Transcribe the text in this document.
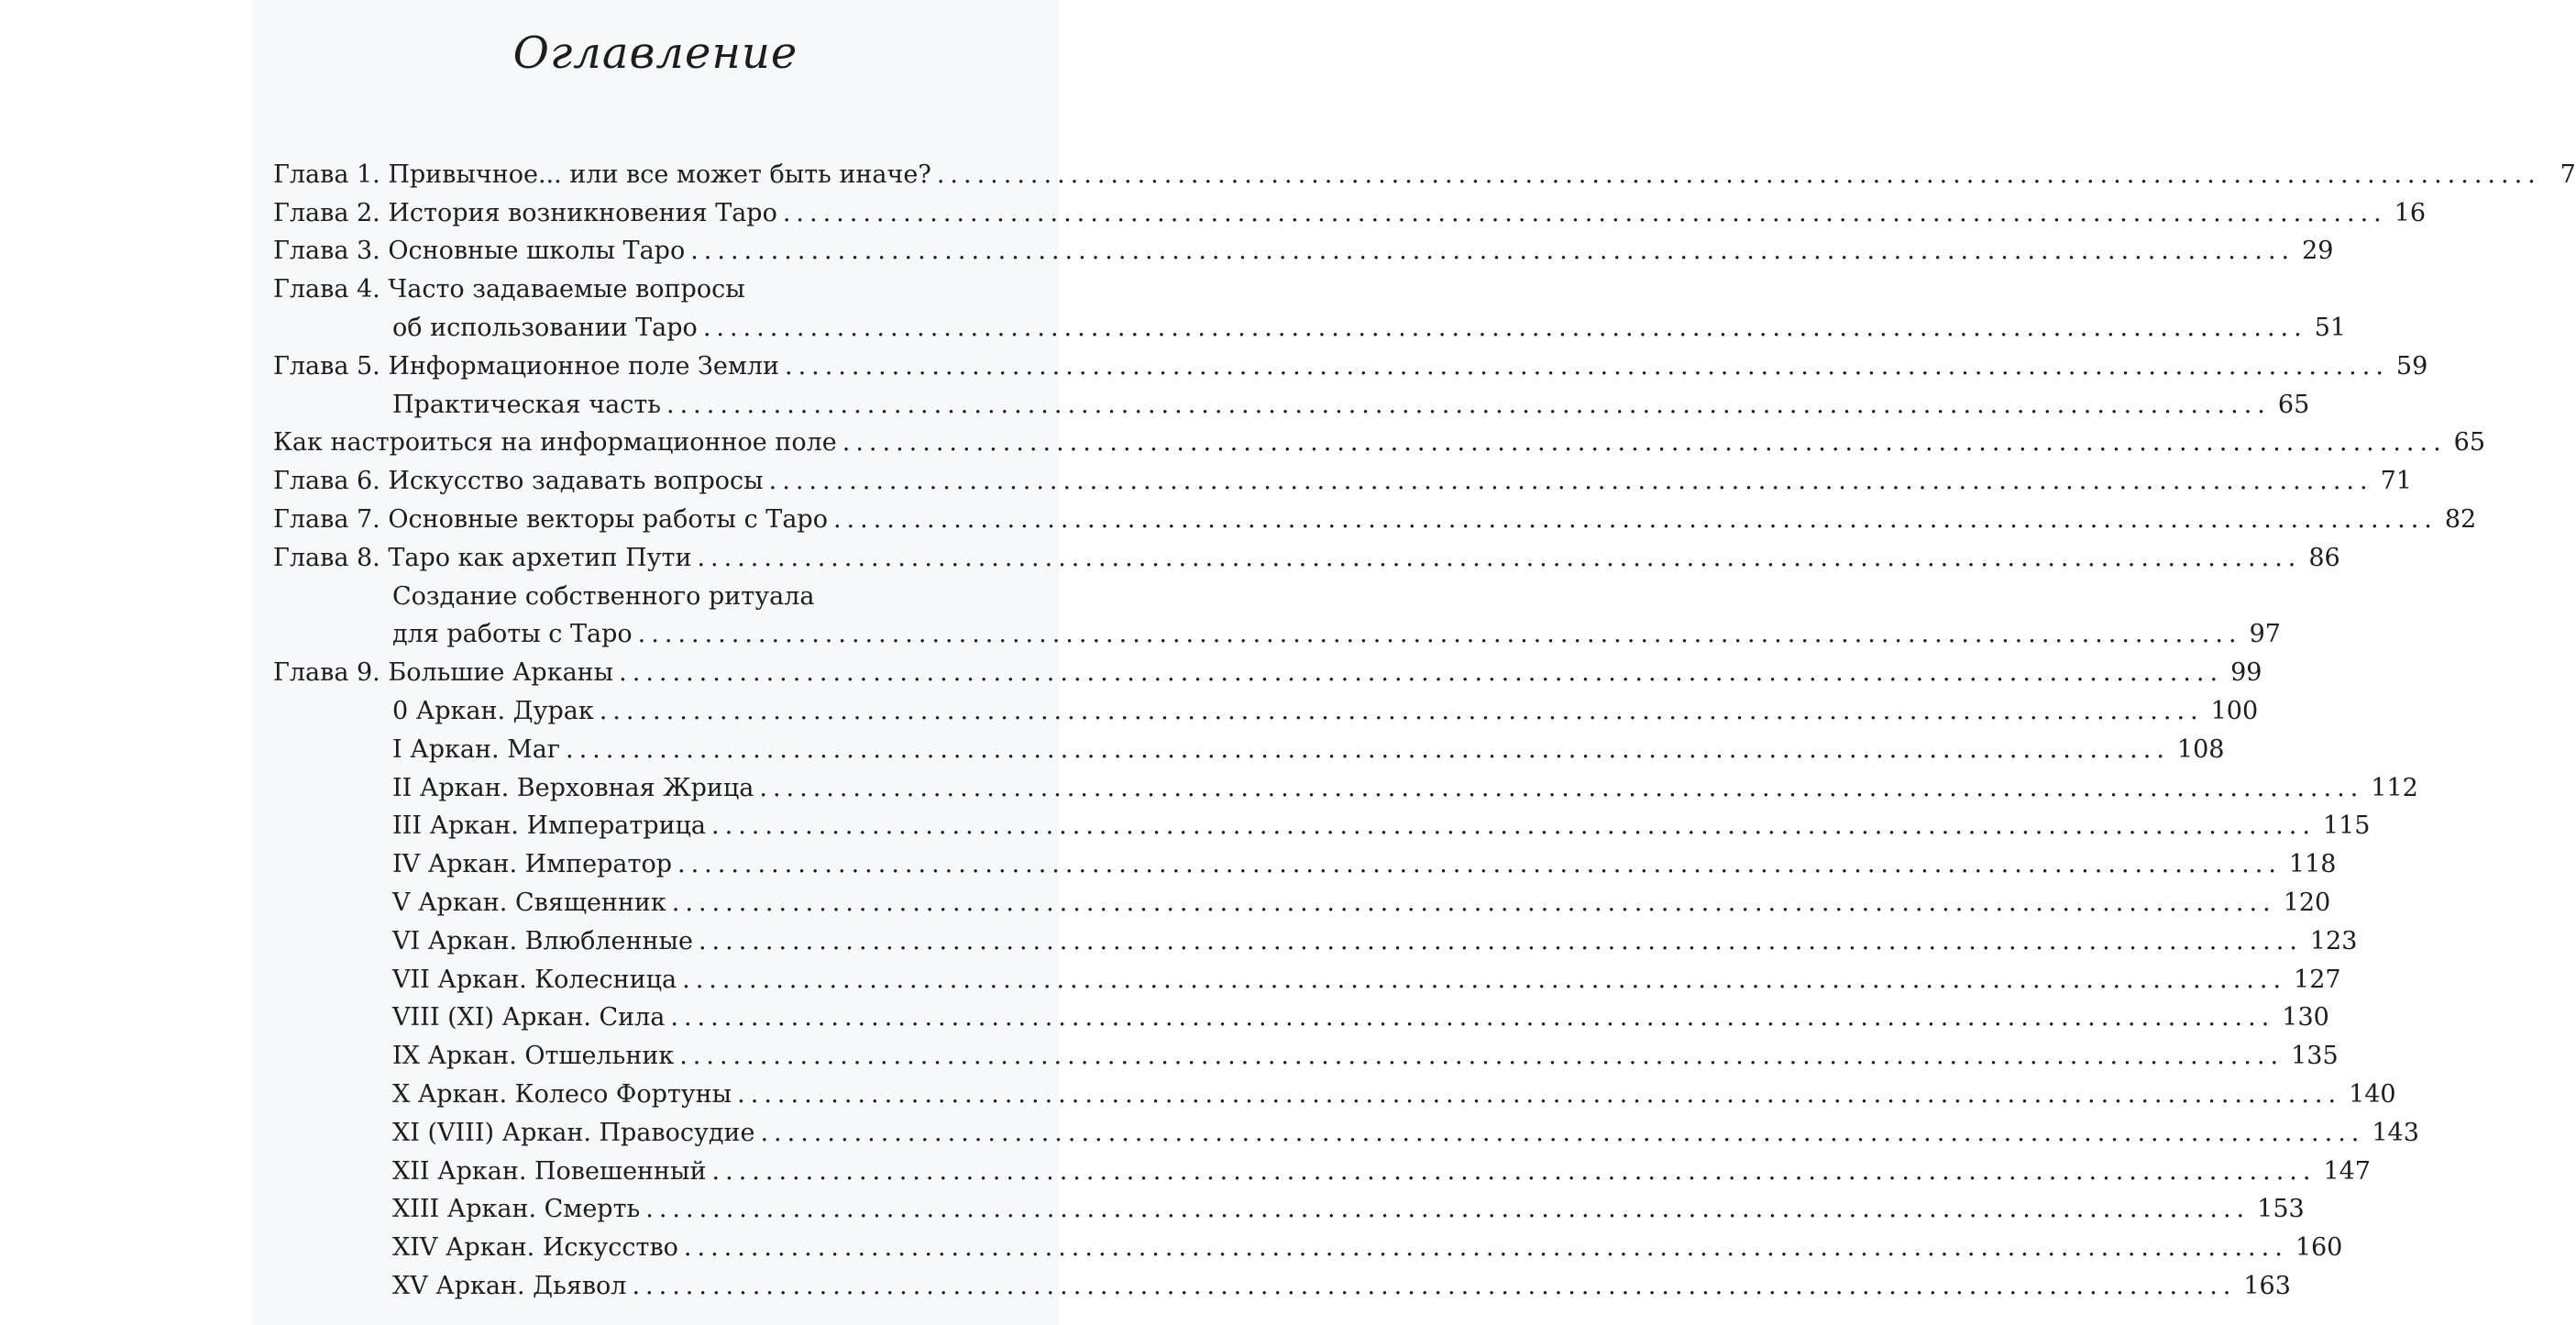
Оглавление
Глава 1. Привычное... или все может быть иначе? ........................................................................................................................ 7
Глава 2. История возникновения Таро ........................................................................................................................ 16
Глава 3. Основные школы Таро ........................................................................................................................ 29
Глава 4. Часто задаваемые вопросы
об использовании Таро ........................................................................................................................ 51
Глава 5. Информационное поле Земли ........................................................................................................................ 59
Практическая часть ........................................................................................................................ 65
Как настроиться на информационное поле ........................................................................................................................ 65
Глава 6. Искусство задавать вопросы ........................................................................................................................ 71
Глава 7. Основные векторы работы с Таро ........................................................................................................................ 82
Глава 8. Таро как архетип Пути ........................................................................................................................ 86
Создание собственного ритуала
для работы с Таро ........................................................................................................................ 97
Глава 9. Большие Арканы ........................................................................................................................ 99
0 Аркан. Дурак ........................................................................................................................ 100
I Аркан. Маг ........................................................................................................................ 108
II Аркан. Верховная Жрица ........................................................................................................................ 112
III Аркан. Императрица ........................................................................................................................ 115
IV Аркан. Император ........................................................................................................................ 118
V Аркан. Священник ........................................................................................................................ 120
VI Аркан. Влюбленные ........................................................................................................................ 123
VII Аркан. Колесница ........................................................................................................................ 127
VIII (XI) Аркан. Сила ........................................................................................................................ 130
IX Аркан. Отшельник ........................................................................................................................ 135
X Аркан. Колесо Фортуны ........................................................................................................................ 140
XI (VIII) Аркан. Правосудие ........................................................................................................................ 143
XII Аркан. Повешенный ........................................................................................................................ 147
XIII Аркан. Смерть ........................................................................................................................ 153
XIV Аркан. Искусство ........................................................................................................................ 160
XV Аркан. Дьявол ........................................................................................................................ 163
